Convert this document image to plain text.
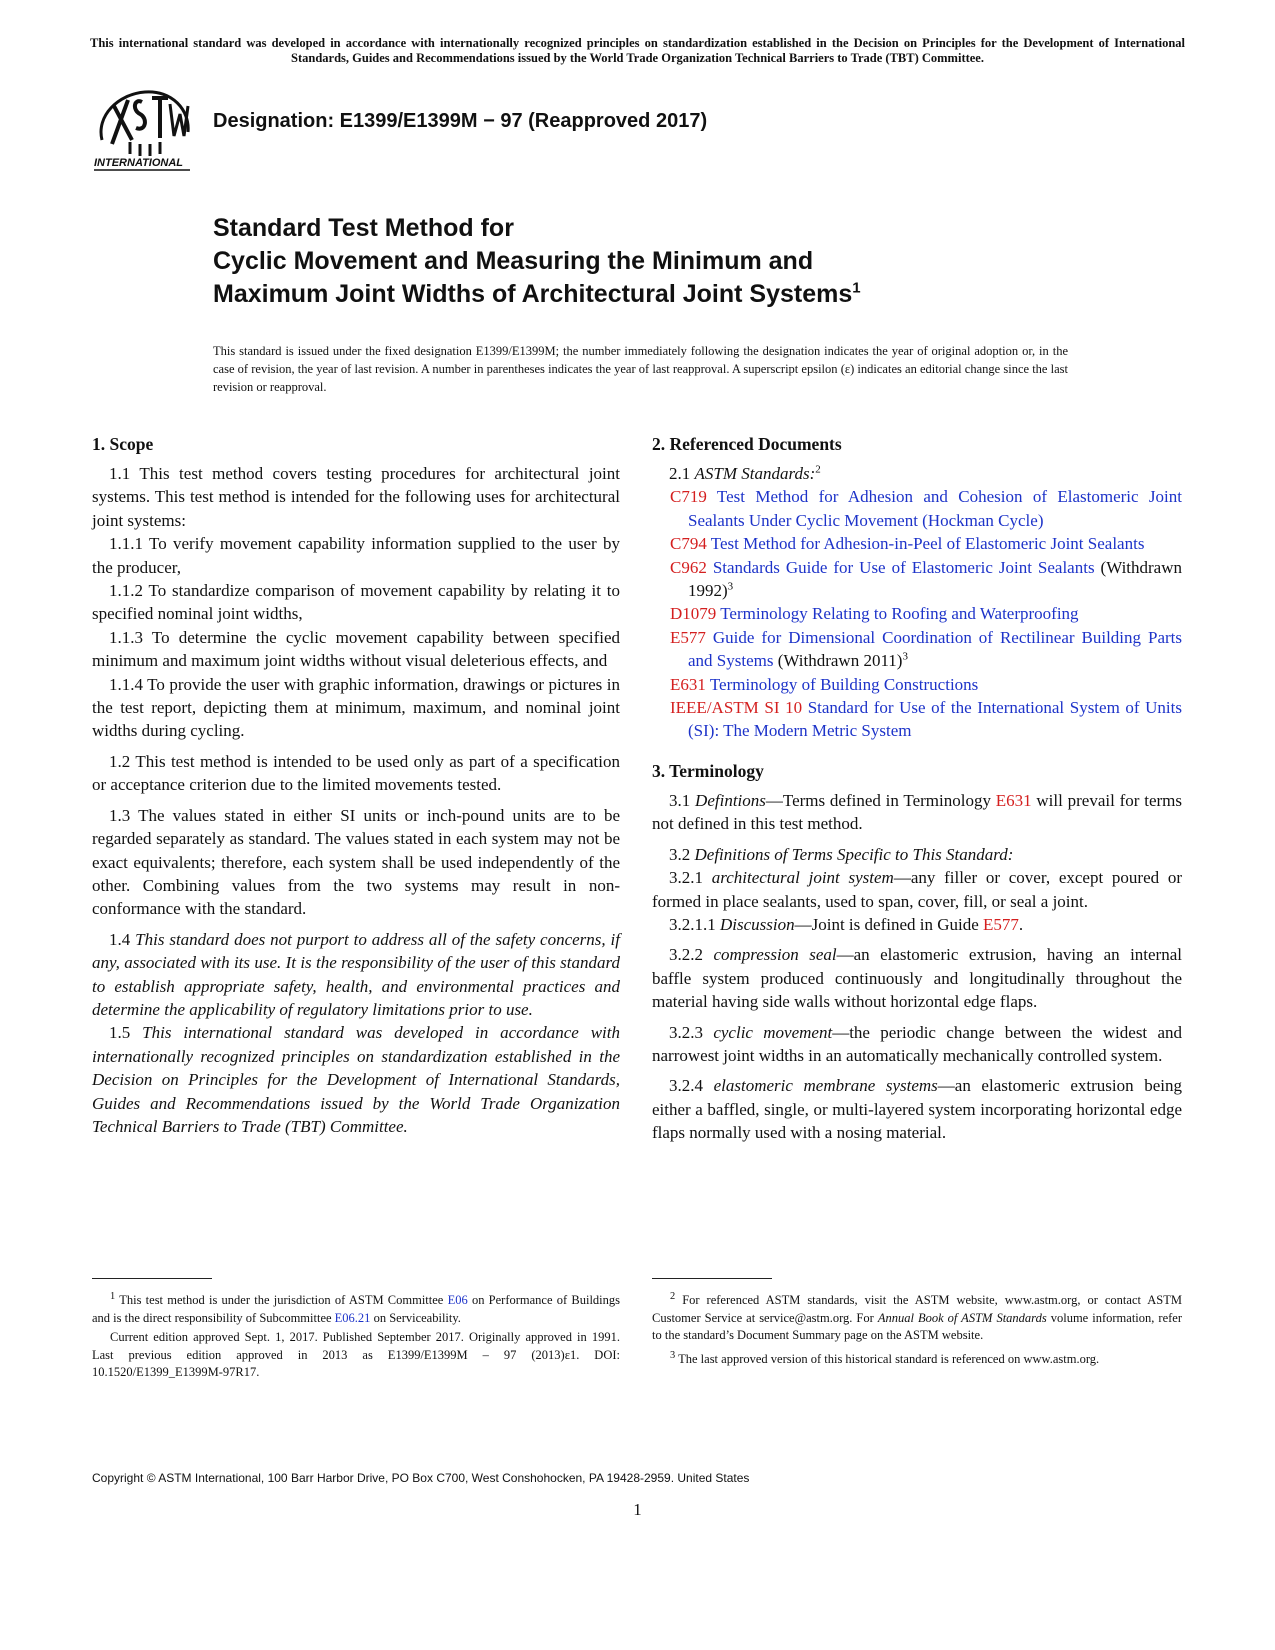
This international standard was developed in accordance with internationally recognized principles on standardization established in the Decision on Principles for the Development of International Standards, Guides and Recommendations issued by the World Trade Organization Technical Barriers to Trade (TBT) Committee.
INTERNATIONAL
Designation: E1399/E1399M − 97 (Reapproved 2017)
Standard Test Method for
Cyclic Movement and Measuring the Minimum and
Maximum Joint Widths of Architectural Joint Systems$^1$
This standard is issued under the fixed designation E1399/E1399M; the number immediately following the designation indicates the year of original adoption or, in the case of revision, the year of last revision. A number in parentheses indicates the year of last reapproval. A superscript epsilon (ε) indicates an editorial change since the last revision or reapproval.
1. Scope

1.1 This test method covers testing procedures for architectural joint systems. This test method is intended for the following uses for architectural joint systems:

1.1.1 To verify movement capability information supplied to the user by the producer,

1.1.2 To standardize comparison of movement capability by relating it to specified nominal joint widths,

1.1.3 To determine the cyclic movement capability between specified minimum and maximum joint widths without visual deleterious effects, and

1.1.4 To provide the user with graphic information, drawings or pictures in the test report, depicting them at minimum, maximum, and nominal joint widths during cycling.

1.2 This test method is intended to be used only as part of a specification or acceptance criterion due to the limited movements tested.

1.3 The values stated in either SI units or inch-pound units are to be regarded separately as standard. The values stated in each system may not be exact equivalents; therefore, each system shall be used independently of the other. Combining values from the two systems may result in non-conformance with the standard.

1.4 This standard does not purport to address all of the safety concerns, if any, associated with its use. It is the responsibility of the user of this standard to establish appropriate safety, health, and environmental practices and determine the applicability of regulatory limitations prior to use.

1.5 This international standard was developed in accordance with internationally recognized principles on standardization established in the Decision on Principles for the Development of International Standards, Guides and Recommendations issued by the World Trade Organization Technical Barriers to Trade (TBT) Committee.

2. Referenced Documents

2.1 ASTM Standards:$^2$

C719 Test Method for Adhesion and Cohesion of Elastomeric Joint Sealants Under Cyclic Movement (Hockman Cycle)
C794 Test Method for Adhesion-in-Peel of Elastomeric Joint Sealants
C962 Standards Guide for Use of Elastomeric Joint Sealants (Withdrawn 1992)$^3$
D1079 Terminology Relating to Roofing and Waterproofing
E577 Guide for Dimensional Coordination of Rectilinear Building Parts and Systems (Withdrawn 2011)$^3$
E631 Terminology of Building Constructions
IEEE/ASTM SI 10 Standard for Use of the International System of Units (SI): The Modern Metric System
3. Terminology

3.1 Defintions—Terms defined in Terminology E631 will prevail for terms not defined in this test method.

3.2 Definitions of Terms Specific to This Standard:

3.2.1 architectural joint system—any filler or cover, except poured or formed in place sealants, used to span, cover, fill, or seal a joint.

3.2.1.1 Discussion—Joint is defined in Guide E577.

3.2.2 compression seal—an elastomeric extrusion, having an internal baffle system produced continuously and longitudinally throughout the material having side walls without horizontal edge flaps.

3.2.3 cyclic movement—the periodic change between the widest and narrowest joint widths in an automatically mechanically controlled system.

3.2.4 elastomeric membrane systems—an elastomeric extrusion being either a baffled, single, or multi-layered system incorporating horizontal edge flaps normally used with a nosing material.

$^1$ This test method is under the jurisdiction of ASTM Committee E06 on Performance of Buildings and is the direct responsibility of Subcommittee E06.21 on Serviceability.

Current edition approved Sept. 1, 2017. Published September 2017. Originally approved in 1991. Last previous edition approved in 2013 as E1399/E1399M – 97 (2013)ε1. DOI: 10.1520/E1399_E1399M-97R17.

$^2$ For referenced ASTM standards, visit the ASTM website, www.astm.org, or contact ASTM Customer Service at service@astm.org. For Annual Book of ASTM Standards volume information, refer to the standard’s Document Summary page on the ASTM website.

$^3$ The last approved version of this historical standard is referenced on www.astm.org.

Copyright © ASTM International, 100 Barr Harbor Drive, PO Box C700, West Conshohocken, PA 19428-2959. United States
1
